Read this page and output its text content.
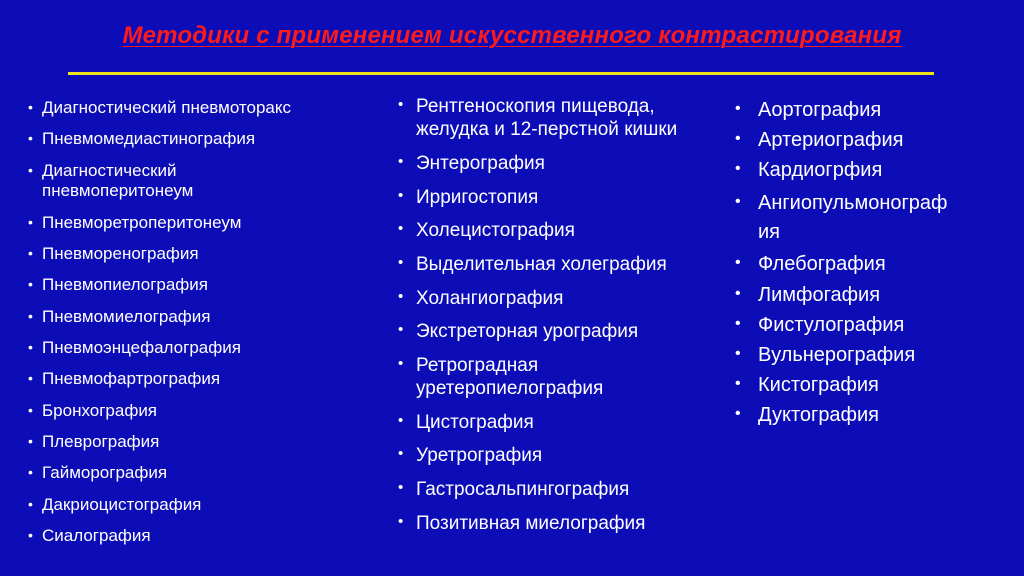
Методики с применением искусственного контрастирования
• Диагностический пневмоторакс
• Пневмомедиастинография
• Диагностический пневмоперитонеум
• Пневморетроперитонеум
• Пневморенография
• Пневмопиелография
• Пневмомиелография
• Пневмоэнцефалография
• Пневмофартрография
• Бронхография
• Плеврография
• Гайморография
• Дакриоцистография
• Сиалография
• Рентгеноскопия пищевода, желудка и 12-перстной кишки
• Энтерография
• Ирригостопия
• Холецистография
• Выделительная холеграфия
• Холангиография
• Экстреторная урография
• Ретроградная уретеропиелография
• Цистография
• Уретрография
• Гастросальпингография
• Позитивная миелография
• Аортография
• Артериография
• Кардиогрфия
• Ангиопульмонография
• Флебография
• Лимфогафия
• Фистулография
• Вульнерография
• Кистография
• Дуктография
